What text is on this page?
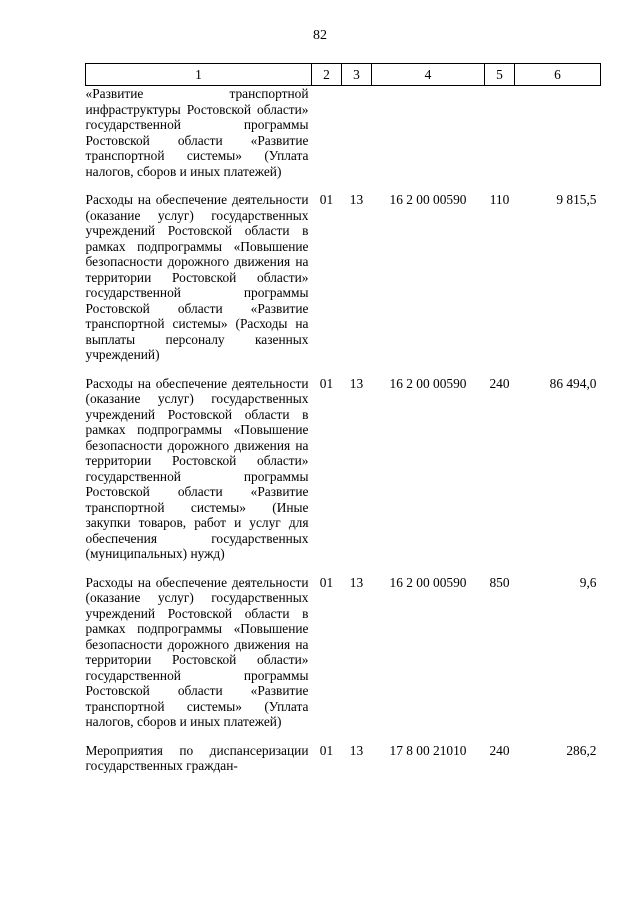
82
1	2	3	4	5	6
«Развитие транспортной инфраструктуры Ростовской области» государственной программы Ростовской области «Развитие транспортной системы» (Уплата налогов, сборов и иных платежей)					
Расходы на обеспечение деятельности (оказание услуг) государственных учреждений Ростовской области в рамках подпрограммы «Повышение безопасности дорожного движения на территории Ростовской области» государственной программы Ростовской области «Развитие транспортной системы» (Расходы на выплаты персоналу казенных учреждений)	01	13	16 2 00 00590	110	9 815,5
Расходы на обеспечение деятельности (оказание услуг) государственных учреждений Ростовской области в рамках подпрограммы «Повышение безопасности дорожного движения на территории Ростовской области» государственной программы Ростовской области «Развитие транспортной системы» (Иные закупки товаров, работ и услуг для обеспечения государственных (муниципальных) нужд)	01	13	16 2 00 00590	240	86 494,0
Расходы на обеспечение деятельности (оказание услуг) государственных учреждений Ростовской области в рамках подпрограммы «Повышение безопасности дорожного движения на территории Ростовской области» государственной программы Ростовской области «Развитие транспортной системы» (Уплата налогов, сборов и иных платежей)	01	13	16 2 00 00590	850	9,6
Мероприятия по диспансеризации государственных граждан-	01	13	17 8 00 21010	240	286,2
